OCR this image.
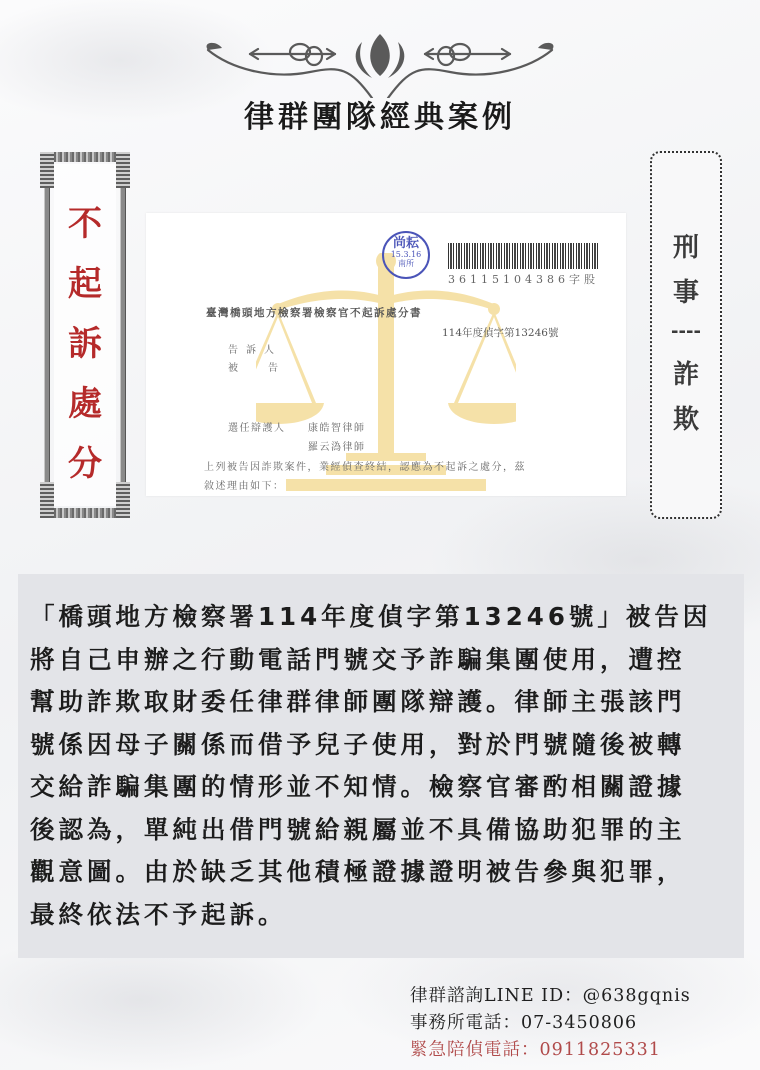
律群團隊經典案例
不
起
訴
處
分
刑
事
----
詐
欺
尚耘
15.3.16
南所
36115104386字股
臺灣橋頭地方檢察署檢察官不起訴處分書
114年度偵字第13246號
告訴人
被告
選任辯護人 康皓智律師
羅云溈律師
上列被告因詐欺案件，業經偵查終結，認應為不起訴之處分，茲
敘述理由如下：

「橋頭地方檢察署114年度偵字第13246號」被告因

將自己申辦之行動電話門號交予詐騙集團使用，遭控

幫助詐欺取財委任律群律師團隊辯護。律師主張該門

號係因母子關係而借予兒子使用，對於門號隨後被轉

交給詐騙集團的情形並不知情。檢察官審酌相關證據

後認為，單純出借門號給親屬並不具備協助犯罪的主

觀意圖。由於缺乏其他積極證據證明被告參與犯罪，

最終依法不予起訴。

律群諮詢LINE ID：@638gqnis
事務所電話：07-3450806
緊急陪偵電話：0911825331
